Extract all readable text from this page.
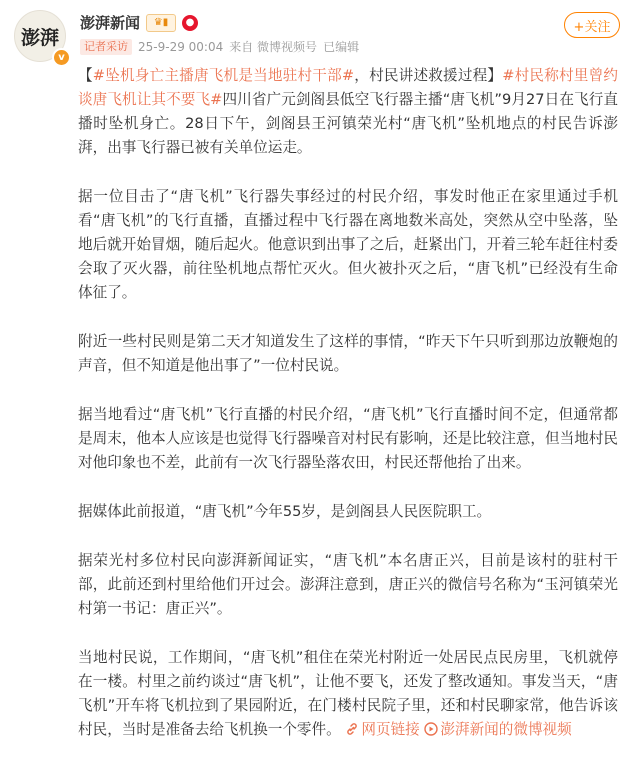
澎湃
v
澎湃新闻	♛▮	●
记者采访 25-9-29 00:04 来自 微博视频号 已编辑
+关注

【#坠机身亡主播唐飞机是当地驻村干部#，村民讲述救援过程】#村民称村里曾约谈唐飞机让其不要飞#四川省广元剑阁县低空飞行器主播“唐飞机”9月27日在飞行直播时坠机身亡。28日下午，剑阁县王河镇荣光村“唐飞机”坠机地点的村民告诉澎湃，出事飞行器已被有关单位运走。

据一位目击了“唐飞机”飞行器失事经过的村民介绍，事发时他正在家里通过手机看“唐飞机”的飞行直播，直播过程中飞行器在离地数米高处，突然从空中坠落，坠地后就开始冒烟，随后起火。他意识到出事了之后，赶紧出门，开着三轮车赶往村委会取了灭火器，前往坠机地点帮忙灭火。但火被扑灭之后，“唐飞机”已经没有生命体征了。

附近一些村民则是第二天才知道发生了这样的事情，“昨天下午只听到那边放鞭炮的声音，但不知道是他出事了”一位村民说。

据当地看过“唐飞机”飞行直播的村民介绍，“唐飞机”飞行直播时间不定，但通常都是周末，他本人应该是也觉得飞行器噪音对村民有影响，还是比较注意，但当地村民对他印象也不差，此前有一次飞行器坠落农田，村民还帮他抬了出来。

据媒体此前报道，“唐飞机”今年55岁，是剑阁县人民医院职工。

据荣光村多位村民向澎湃新闻证实，“唐飞机”本名唐正兴，目前是该村的驻村干部，此前还到村里给他们开过会。澎湃注意到，唐正兴的微信号名称为“玉河镇荣光村第一书记：唐正兴”。

当地村民说，工作期间，“唐飞机”租住在荣光村附近一处居民点民房里，飞机就停在一楼。村里之前约谈过“唐飞机”，让他不要飞，还发了整改通知。事发当天，“唐飞机”开车将飞机拉到了果园附近，在门楼村民院子里，还和村民聊家常，他告诉该村民，当时是准备去给飞机换一个零件。 网页链接 澎湃新闻的微博视频
